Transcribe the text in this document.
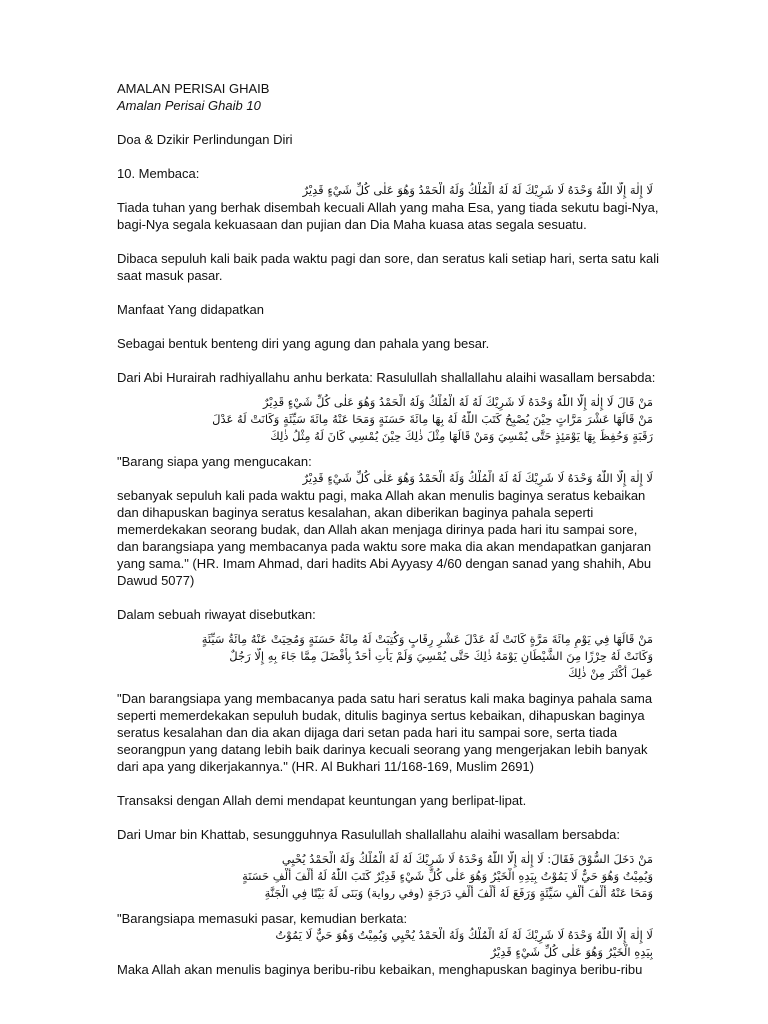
AMALAN PERISAI GHAIB
Amalan Perisai Ghaib 10
Doa & Dzikir Perlindungan Diri
10. Membaca:
لَا إِلٰهَ إِلَّا اللّٰهُ وَحْدَهُ لَا شَرِيْكَ لَهُ لَهُ الْمُلْكُ وَلَهُ الْحَمْدُ وَهُوَ عَلٰى كُلِّ شَيْءٍ قَدِيْرٌ
Tiada tuhan yang berhak disembah kecuali Allah yang maha Esa, yang tiada sekutu bagi-Nya,
bagi-Nya segala kekuasaan dan pujian dan Dia Maha kuasa atas segala sesuatu.
Dibaca sepuluh kali baik pada waktu pagi dan sore, dan seratus kali setiap hari, serta satu kali
saat masuk pasar.
Manfaat Yang didapatkan
Sebagai bentuk benteng diri yang agung dan pahala yang besar.
Dari Abi Hurairah radhiyallahu anhu berkata: Rasulullah shallallahu alaihi wasallam bersabda:
مَنْ قَالَ لَا إِلٰهَ إِلَّا اللّٰهُ وَحْدَهُ لَا شَرِيْكَ لَهُ لَهُ الْمُلْكُ وَلَهُ الْحَمْدُ وَهُوَ عَلٰى كُلِّ شَيْءٍ قَدِيْرٌ
مَنْ قَالَهَا عَشْرَ مَرَّاتٍ حِيْنَ يُصْبِحُ كَتَبَ اللّٰهُ لَهُ بِهَا مِائَةَ حَسَنَةٍ وَمَحَا عَنْهُ مِائَةَ سَيِّئَةٍ وَكَانَتْ لَهُ عَدْلَ
رَقَبَةٍ وَحُفِظَ بِهَا يَوْمَئِذٍ حَتَّى يُمْسِيَ وَمَنْ قَالَهَا مِثْلَ ذٰلِكَ حِيْنَ يُمْسِي كَانَ لَهُ مِثْلُ ذٰلِكَ
"Barang siapa yang mengucakan:
لَا إِلٰهَ إِلَّا اللّٰهُ وَحْدَهُ لَا شَرِيْكَ لَهُ لَهُ الْمُلْكُ وَلَهُ الْحَمْدُ وَهُوَ عَلٰى كُلِّ شَيْءٍ قَدِيْرٌ
sebanyak sepuluh kali pada waktu pagi, maka Allah akan menulis baginya seratus kebaikan
dan dihapuskan baginya seratus kesalahan, akan diberikan baginya pahala seperti
memerdekakan seorang budak, dan Allah akan menjaga dirinya pada hari itu sampai sore,
dan barangsiapa yang membacanya pada waktu sore maka dia akan mendapatkan ganjaran
yang sama." (HR. Imam Ahmad, dari hadits Abi Ayyasy 4/60 dengan sanad yang shahih, Abu
Dawud 5077)
Dalam sebuah riwayat disebutkan:
مَنْ قَالَهَا فِي يَوْمٍ مِائَةَ مَرَّةٍ كَانَتْ لَهُ عَدْلَ عَشْرِ رِقَابٍ وَكُتِبَتْ لَهُ مِائَةُ حَسَنَةٍ وَمُحِيَتْ عَنْهُ مِائَةُ سَيِّئَةٍ
وَكَانَتْ لَهُ حِرْزًا مِنَ الشَّيْطَانِ يَوْمَهُ ذٰلِكَ حَتَّى يُمْسِيَ وَلَمْ يَأْتِ أَحَدٌ بِأَفْضَلَ مِمَّا جَاءَ بِهِ إِلَّا رَجُلٌ
عَمِلَ أَكْثَرَ مِنْ ذٰلِكَ
"Dan barangsiapa yang membacanya pada satu hari seratus kali maka baginya pahala sama
seperti memerdekakan sepuluh budak, ditulis baginya sertus kebaikan, dihapuskan baginya
seratus kesalahan dan dia akan dijaga dari setan pada hari itu sampai sore, serta tiada
seorangpun yang datang lebih baik darinya kecuali seorang yang mengerjakan lebih banyak
dari apa yang dikerjakannya." (HR. Al Bukhari 11/168-169, Muslim 2691)
Transaksi dengan Allah demi mendapat keuntungan yang berlipat-lipat.
Dari Umar bin Khattab, sesungguhnya Rasulullah shallallahu alaihi wasallam bersabda:
مَنْ دَخَلَ السُّوْقَ فَقَالَ: لَا إِلٰهَ إِلَّا اللّٰهُ وَحْدَهُ لَا شَرِيْكَ لَهُ لَهُ الْمُلْكُ وَلَهُ الْحَمْدُ يُحْيِي
وَيُمِيْتُ وَهُوَ حَيٌّ لَا يَمُوْتُ بِيَدِهِ الْخَيْرُ وَهُوَ عَلٰى كُلِّ شَيْءٍ قَدِيْرٌ كَتَبَ اللّٰهُ لَهُ أَلْفَ أَلْفِ حَسَنَةٍ
وَمَحَا عَنْهُ أَلْفَ أَلْفِ سَيِّئَةٍ وَرَفَعَ لَهُ أَلْفَ أَلْفِ دَرَجَةٍ (وفي رواية) وَبَنَى لَهُ بَيْتًا فِي الْجَنَّةِ
"Barangsiapa memasuki pasar, kemudian berkata:
لَا إِلٰهَ إِلَّا اللّٰهُ وَحْدَهُ لَا شَرِيْكَ لَهُ لَهُ الْمُلْكُ وَلَهُ الْحَمْدُ يُحْيِي وَيُمِيْتُ وَهُوَ حَيٌّ لَا يَمُوْتُ
بِيَدِهِ الْخَيْرُ وَهُوَ عَلٰى كُلِّ شَيْءٍ قَدِيْرٌ
Maka Allah akan menulis baginya beribu-ribu kebaikan, menghapuskan baginya beribu-ribu
